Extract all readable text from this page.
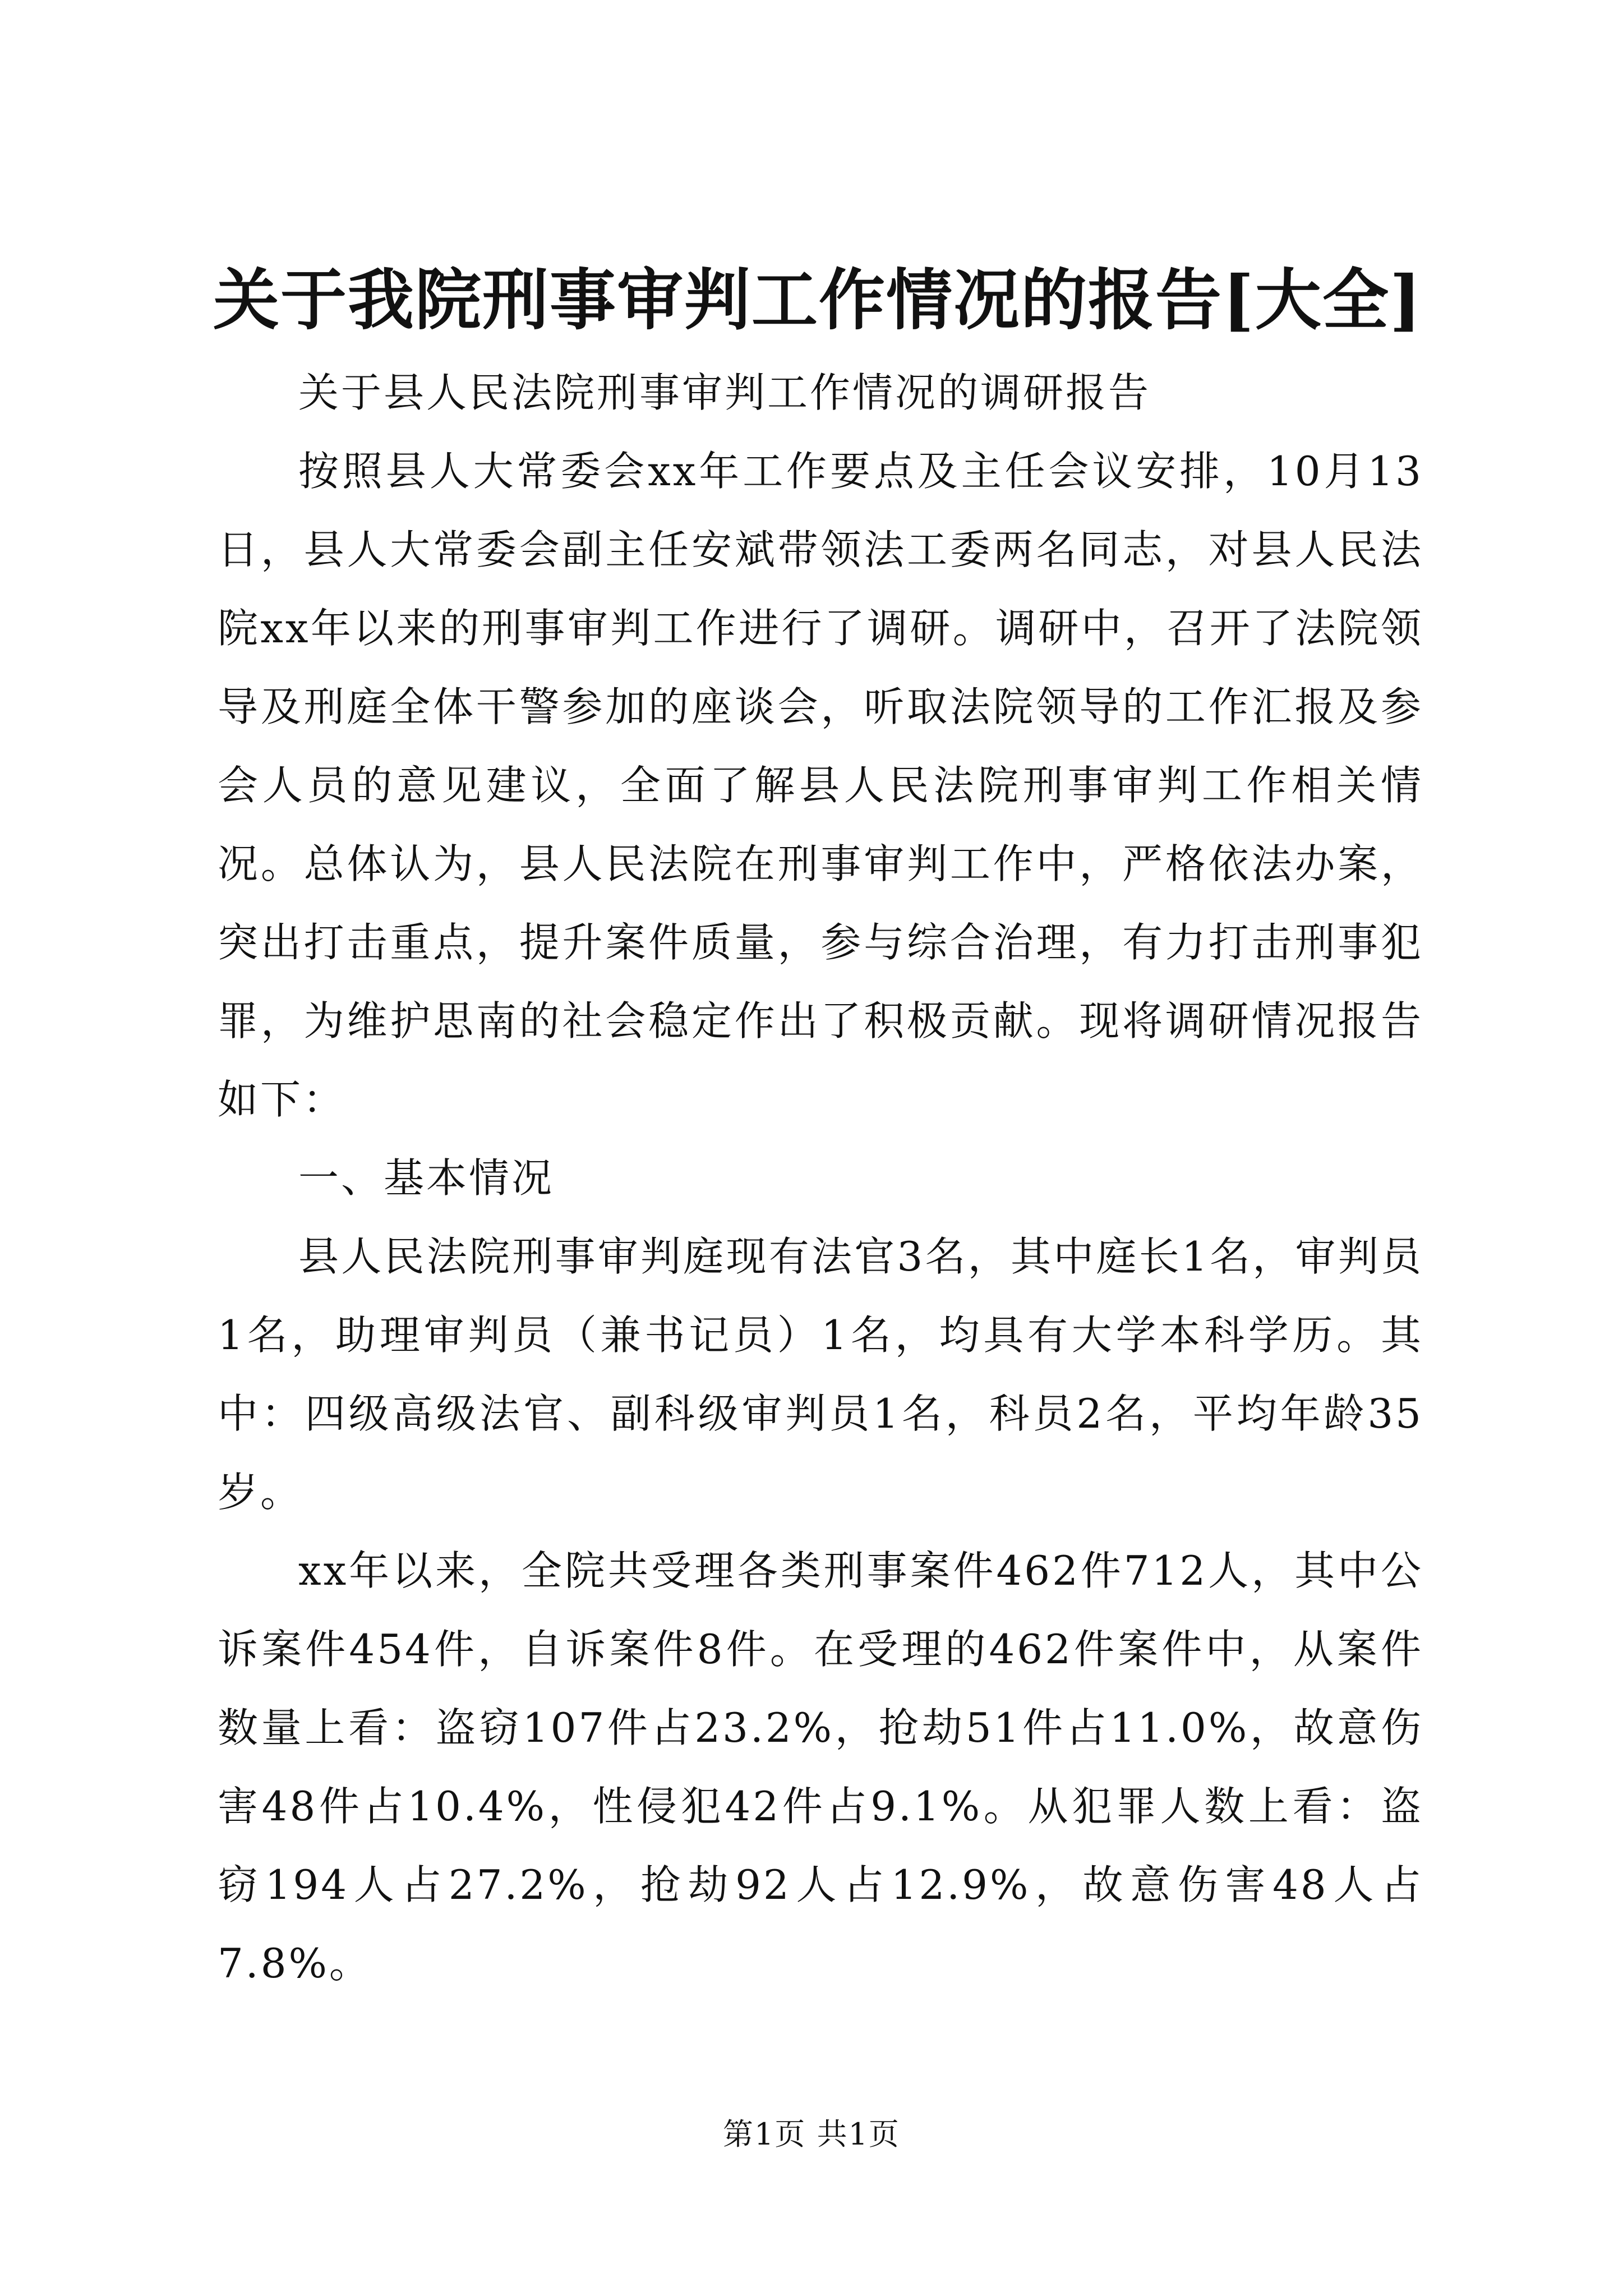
关于我院刑事审判工作情况的报告[大全]

关于县人民法院刑事审判工作情况的调研报告

按照县人大常委会xx年工作要点及主任会议安排，10月13日，县人大常委会副主任安斌带领法工委两名同志，对县人民法院xx年以来的刑事审判工作进行了调研。调研中，召开了法院领导及刑庭全体干警参加的座谈会，听取法院领导的工作汇报及参会人员的意见建议，全面了解县人民法院刑事审判工作相关情况。总体认为，县人民法院在刑事审判工作中，严格依法办案，突出打击重点，提升案件质量，参与综合治理，有力打击刑事犯罪，为维护思南的社会稳定作出了积极贡献。现将调研情况报告如下：

一、基本情况

县人民法院刑事审判庭现有法官3名，其中庭长1名，审判员1名，助理审判员（兼书记员）1名，均具有大学本科学历。其中：四级高级法官、副科级审判员1名，科员2名，平均年龄35岁。

xx年以来，全院共受理各类刑事案件462件712人，其中公诉案件454件，自诉案件8件。在受理的462件案件中，从案件数量上看：盗窃107件占23.2%，抢劫51件占11.0%，故意伤害48件占10.4%，性侵犯42件占9.1%。从犯罪人数上看：盗窃194人占27.2%，抢劫92人占12.9%，故意伤害48人占7.8%。

第1页 共1页
